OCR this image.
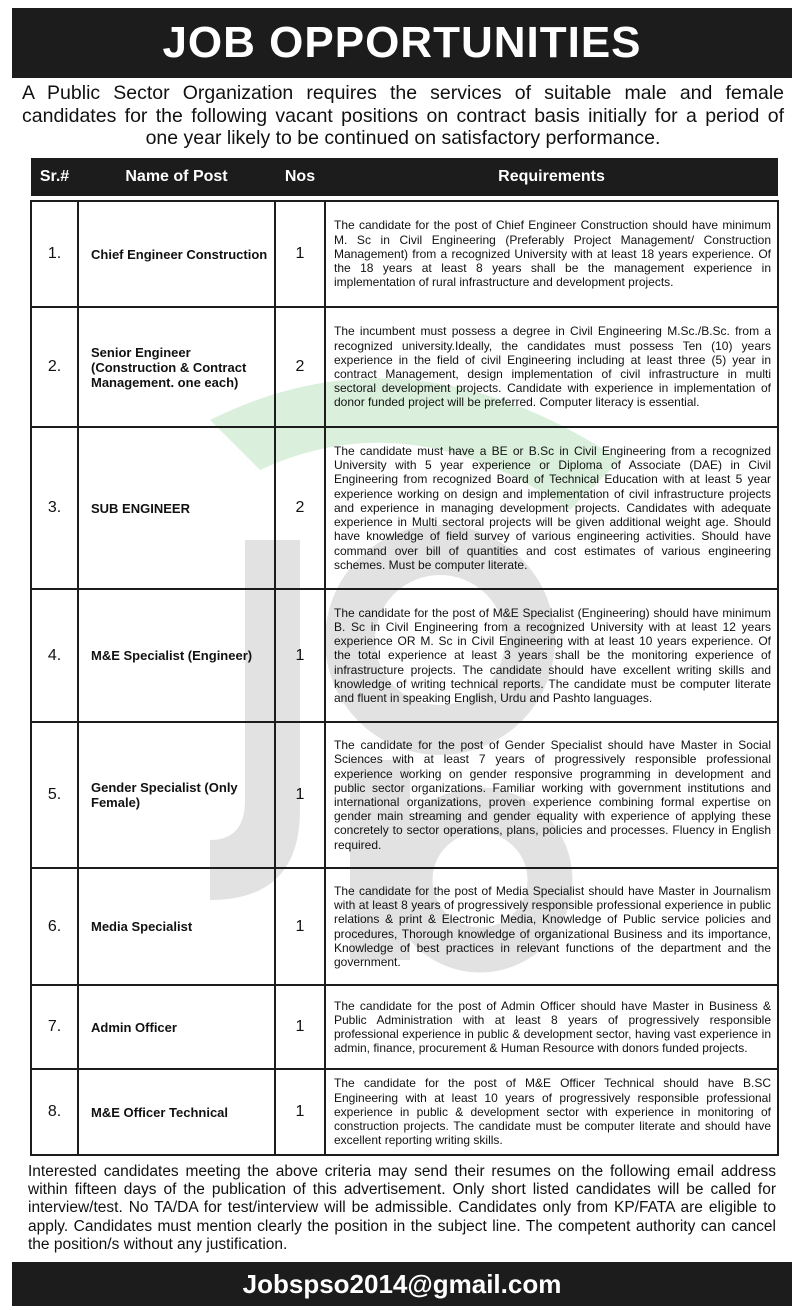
JOB OPPORTUNITIES

A Public Sector Organization requires the services of suitable male and female candidates for the following vacant positions on contract basis initially for a period of one year likely to be continued on satisfactory performance.

Sr.#	Name of Post	Nos	Requirements

1.	Chief Engineer Construction	1	The candidate for the post of Chief Engineer Construction should have minimum M. Sc in Civil Engineering (Preferably Project Management/ Construction Management) from a recognized University with at least 18 years experience. Of the 18 years at least 8 years shall be the management experience in implementation of rural infrastructure and development projects.
2.	Senior Engineer (Construction & Contract Management. one each)	2	The incumbent must possess a degree in Civil Engineering M.Sc./B.Sc. from a recognized university.Ideally, the candidates must possess Ten (10) years experience in the field of civil Engineering including at least three (5) year in contract Management, design implementation of civil infrastructure in multi sectoral development projects. Candidate with experience in implementation of donor funded project will be preferred. Computer literacy is essential.
3.	SUB ENGINEER	2	The candidate must have a BE or B.Sc in Civil Engineering from a recognized University with 5 year experience or Diploma of Associate (DAE) in Civil Engineering from recognized Board of Technical Education with at least 5 year experience working on design and implementation of civil infrastructure projects and experience in managing development projects. Candidates with adequate experience in Multi sectoral projects will be given additional weight age. Should have knowledge of field survey of various engineering activities. Should have command over bill of quantities and cost estimates of various engineering schemes. Must be computer literate.
4.	M&E Specialist (Engineer)	1	The candidate for the post of M&E Specialist (Engineering) should have minimum B. Sc in Civil Engineering from a recognized University with at least 12 years experience OR M. Sc in Civil Engineering with at least 10 years experience. Of the total experience at least 3 years shall be the monitoring experience of infrastructure projects. The candidate should have excellent writing skills and knowledge of writing technical reports. The candidate must be computer literate and fluent in speaking English, Urdu and Pashto languages.
5.	Gender Specialist (Only Female)	1	The candidate for the post of Gender Specialist should have Master in Social Sciences with at least 7 years of progressively responsible professional experience working on gender responsive programming in development and public sector organizations. Familiar working with government institutions and international organizations, proven experience combining formal expertise on gender main streaming and gender equality with experience of applying these concretely to sector operations, plans, policies and processes. Fluency in English required.
6.	Media Specialist	1	The candidate for the post of Media Specialist should have Master in Journalism with at least 8 years of progressively responsible professional experience in public relations & print & Electronic Media, Knowledge of Public service policies and procedures, Thorough knowledge of organizational Business and its importance, Knowledge of best practices in relevant functions of the department and the government.
7.	Admin Officer	1	The candidate for the post of Admin Officer should have Master in Business & Public Administration with at least 8 years of progressively responsible professional experience in public & development sector, having vast experience in admin, finance, procurement & Human Resource with donors funded projects.
8.	M&E Officer Technical	1	The candidate for the post of M&E Officer Technical should have B.SC Engineering with at least 10 years of progressively responsible professional experience in public & development sector with experience in monitoring of construction projects. The candidate must be computer literate and should have excellent reporting writing skills.

Interested candidates meeting the above criteria may send their resumes on the following email address within fifteen days of the publication of this advertisement. Only short listed candidates will be called for interview/test. No TA/DA for test/interview will be admissible. Candidates only from KP/FATA are eligible to apply. Candidates must mention clearly the position in the subject line. The competent authority can cancel the position/s without any justification.

Jobspso2014@gmail.com
